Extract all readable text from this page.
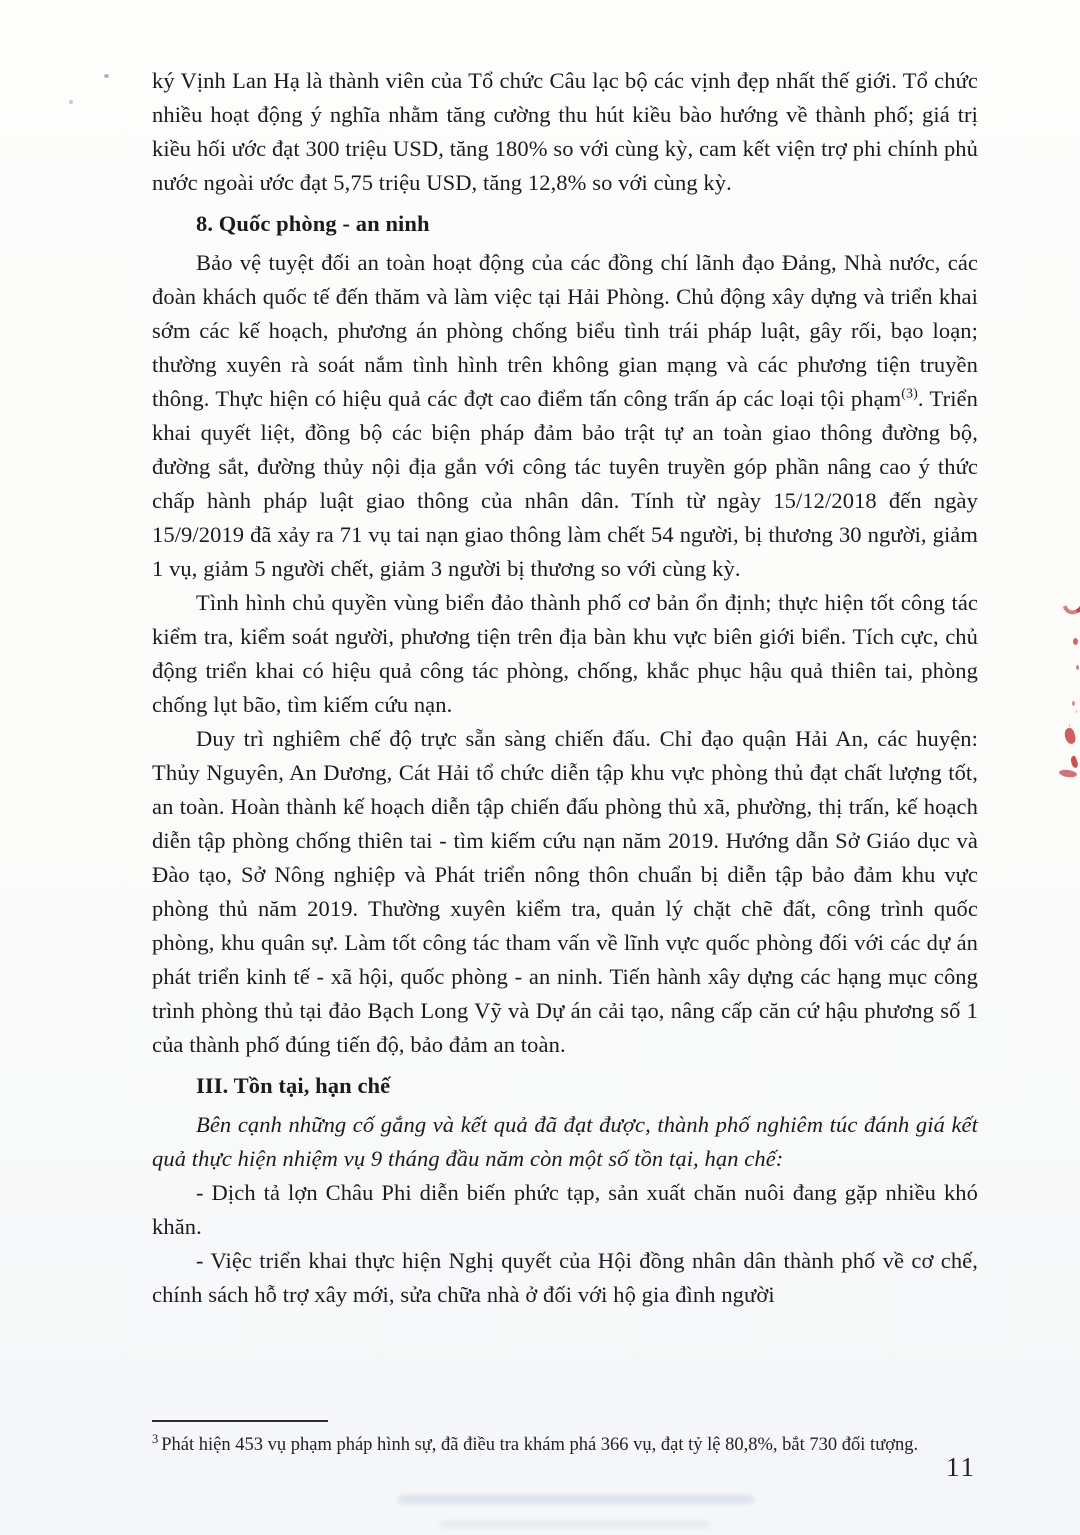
ký Vịnh Lan Hạ là thành viên của Tổ chức Câu lạc bộ các vịnh đẹp nhất thế giới. Tổ chức nhiều hoạt động ý nghĩa nhằm tăng cường thu hút kiều bào hướng về thành phố; giá trị kiều hối ước đạt 300 triệu USD, tăng 180% so với cùng kỳ, cam kết viện trợ phi chính phủ nước ngoài ước đạt 5,75 triệu USD, tăng 12,8% so với cùng kỳ.

8. Quốc phòng - an ninh

Bảo vệ tuyệt đối an toàn hoạt động của các đồng chí lãnh đạo Đảng, Nhà nước, các đoàn khách quốc tế đến thăm và làm việc tại Hải Phòng. Chủ động xây dựng và triển khai sớm các kế hoạch, phương án phòng chống biểu tình trái pháp luật, gây rối, bạo loạn; thường xuyên rà soát nắm tình hình trên không gian mạng và các phương tiện truyền thông. Thực hiện có hiệu quả các đợt cao điểm tấn công trấn áp các loại tội phạm$^{(3)}$. Triển khai quyết liệt, đồng bộ các biện pháp đảm bảo trật tự an toàn giao thông đường bộ, đường sắt, đường thủy nội địa gắn với công tác tuyên truyền góp phần nâng cao ý thức chấp hành pháp luật giao thông của nhân dân. Tính từ ngày 15/12/2018 đến ngày 15/9/2019 đã xảy ra 71 vụ tai nạn giao thông làm chết 54 người, bị thương 30 người, giảm 1 vụ, giảm 5 người chết, giảm 3 người bị thương so với cùng kỳ.

Tình hình chủ quyền vùng biển đảo thành phố cơ bản ổn định; thực hiện tốt công tác kiểm tra, kiểm soát người, phương tiện trên địa bàn khu vực biên giới biển. Tích cực, chủ động triển khai có hiệu quả công tác phòng, chống, khắc phục hậu quả thiên tai, phòng chống lụt bão, tìm kiếm cứu nạn.

Duy trì nghiêm chế độ trực sẵn sàng chiến đấu. Chỉ đạo quận Hải An, các huyện: Thủy Nguyên, An Dương, Cát Hải tổ chức diễn tập khu vực phòng thủ đạt chất lượng tốt, an toàn. Hoàn thành kế hoạch diễn tập chiến đấu phòng thủ xã, phường, thị trấn, kế hoạch diễn tập phòng chống thiên tai - tìm kiếm cứu nạn năm 2019. Hướng dẫn Sở Giáo dục và Đào tạo, Sở Nông nghiệp và Phát triển nông thôn chuẩn bị diễn tập bảo đảm khu vực phòng thủ năm 2019. Thường xuyên kiểm tra, quản lý chặt chẽ đất, công trình quốc phòng, khu quân sự. Làm tốt công tác tham vấn về lĩnh vực quốc phòng đối với các dự án phát triển kinh tế - xã hội, quốc phòng - an ninh. Tiến hành xây dựng các hạng mục công trình phòng thủ tại đảo Bạch Long Vỹ và Dự án cải tạo, nâng cấp căn cứ hậu phương số 1 của thành phố đúng tiến độ, bảo đảm an toàn.

III. Tồn tại, hạn chế

Bên cạnh những cố gắng và kết quả đã đạt được, thành phố nghiêm túc đánh giá kết quả thực hiện nhiệm vụ 9 tháng đầu năm còn một số tồn tại, hạn chế:

- Dịch tả lợn Châu Phi diễn biến phức tạp, sản xuất chăn nuôi đang gặp nhiều khó khăn.

- Việc triển khai thực hiện Nghị quyết của Hội đồng nhân dân thành phố về cơ chế, chính sách hỗ trợ xây mới, sửa chữa nhà ở đối với hộ gia đình người

$^3$ Phát hiện 453 vụ phạm pháp hình sự, đã điều tra khám phá 366 vụ, đạt tỷ lệ 80,8%, bắt 730 đối tượng.

11
